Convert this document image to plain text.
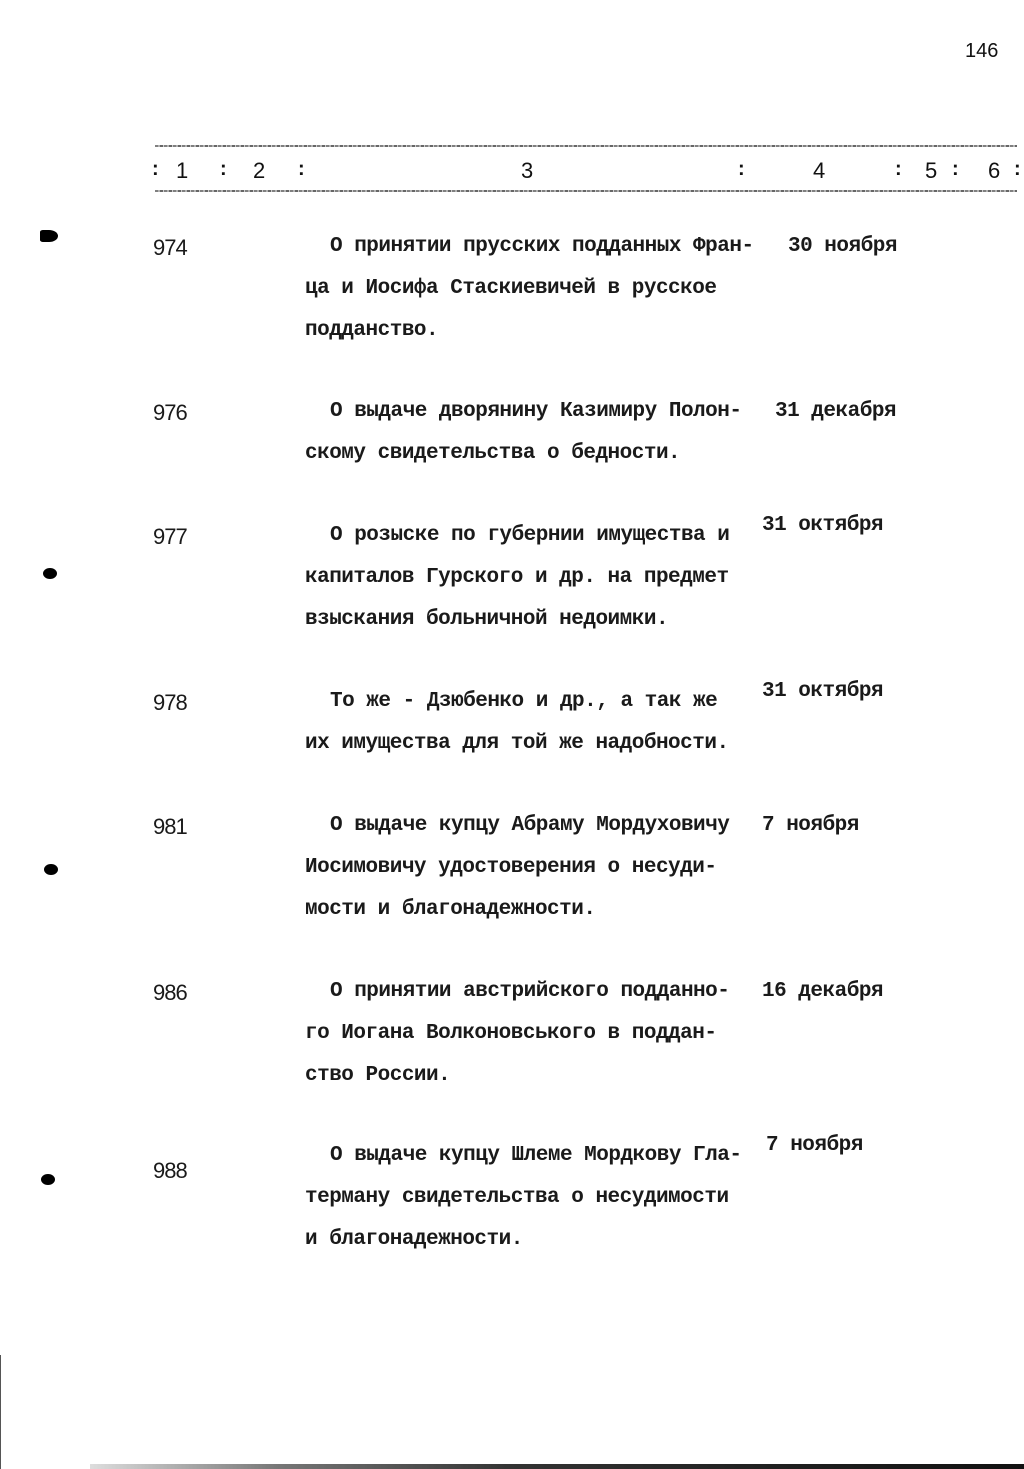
146
: 1 : 2 :	3	:	4	: 5 : 6 :
974	О принятии прусских подданных Фран-
ца и Иосифа Стаскиевичей в русское
подданство.
30 ноября
976	О выдаче дворянину Казимиру Полон-
скому свидетельства о бедности.
31 декабря
977	О розыске по губернии имущества и
капиталов Гурского и др. на предмет
взыскания больничной недоимки.
31 октября
978	То же - Дзюбенко и др., а так же
их имущества для той же надобности.
31 октября
981	О выдаче купцу Абраму Мордуховичу
Иосимовичу удостоверения о несуди-
мости и благонадежности.
7 ноября
986	О принятии австрийского подданно-
го Иогана Волконовського в поддан-
ство России.
16 декабря
988
О выдаче купцу Шлеме Мордкову Гла-
терману свидетельства о несудимости
и благонадежности.
7 ноября
